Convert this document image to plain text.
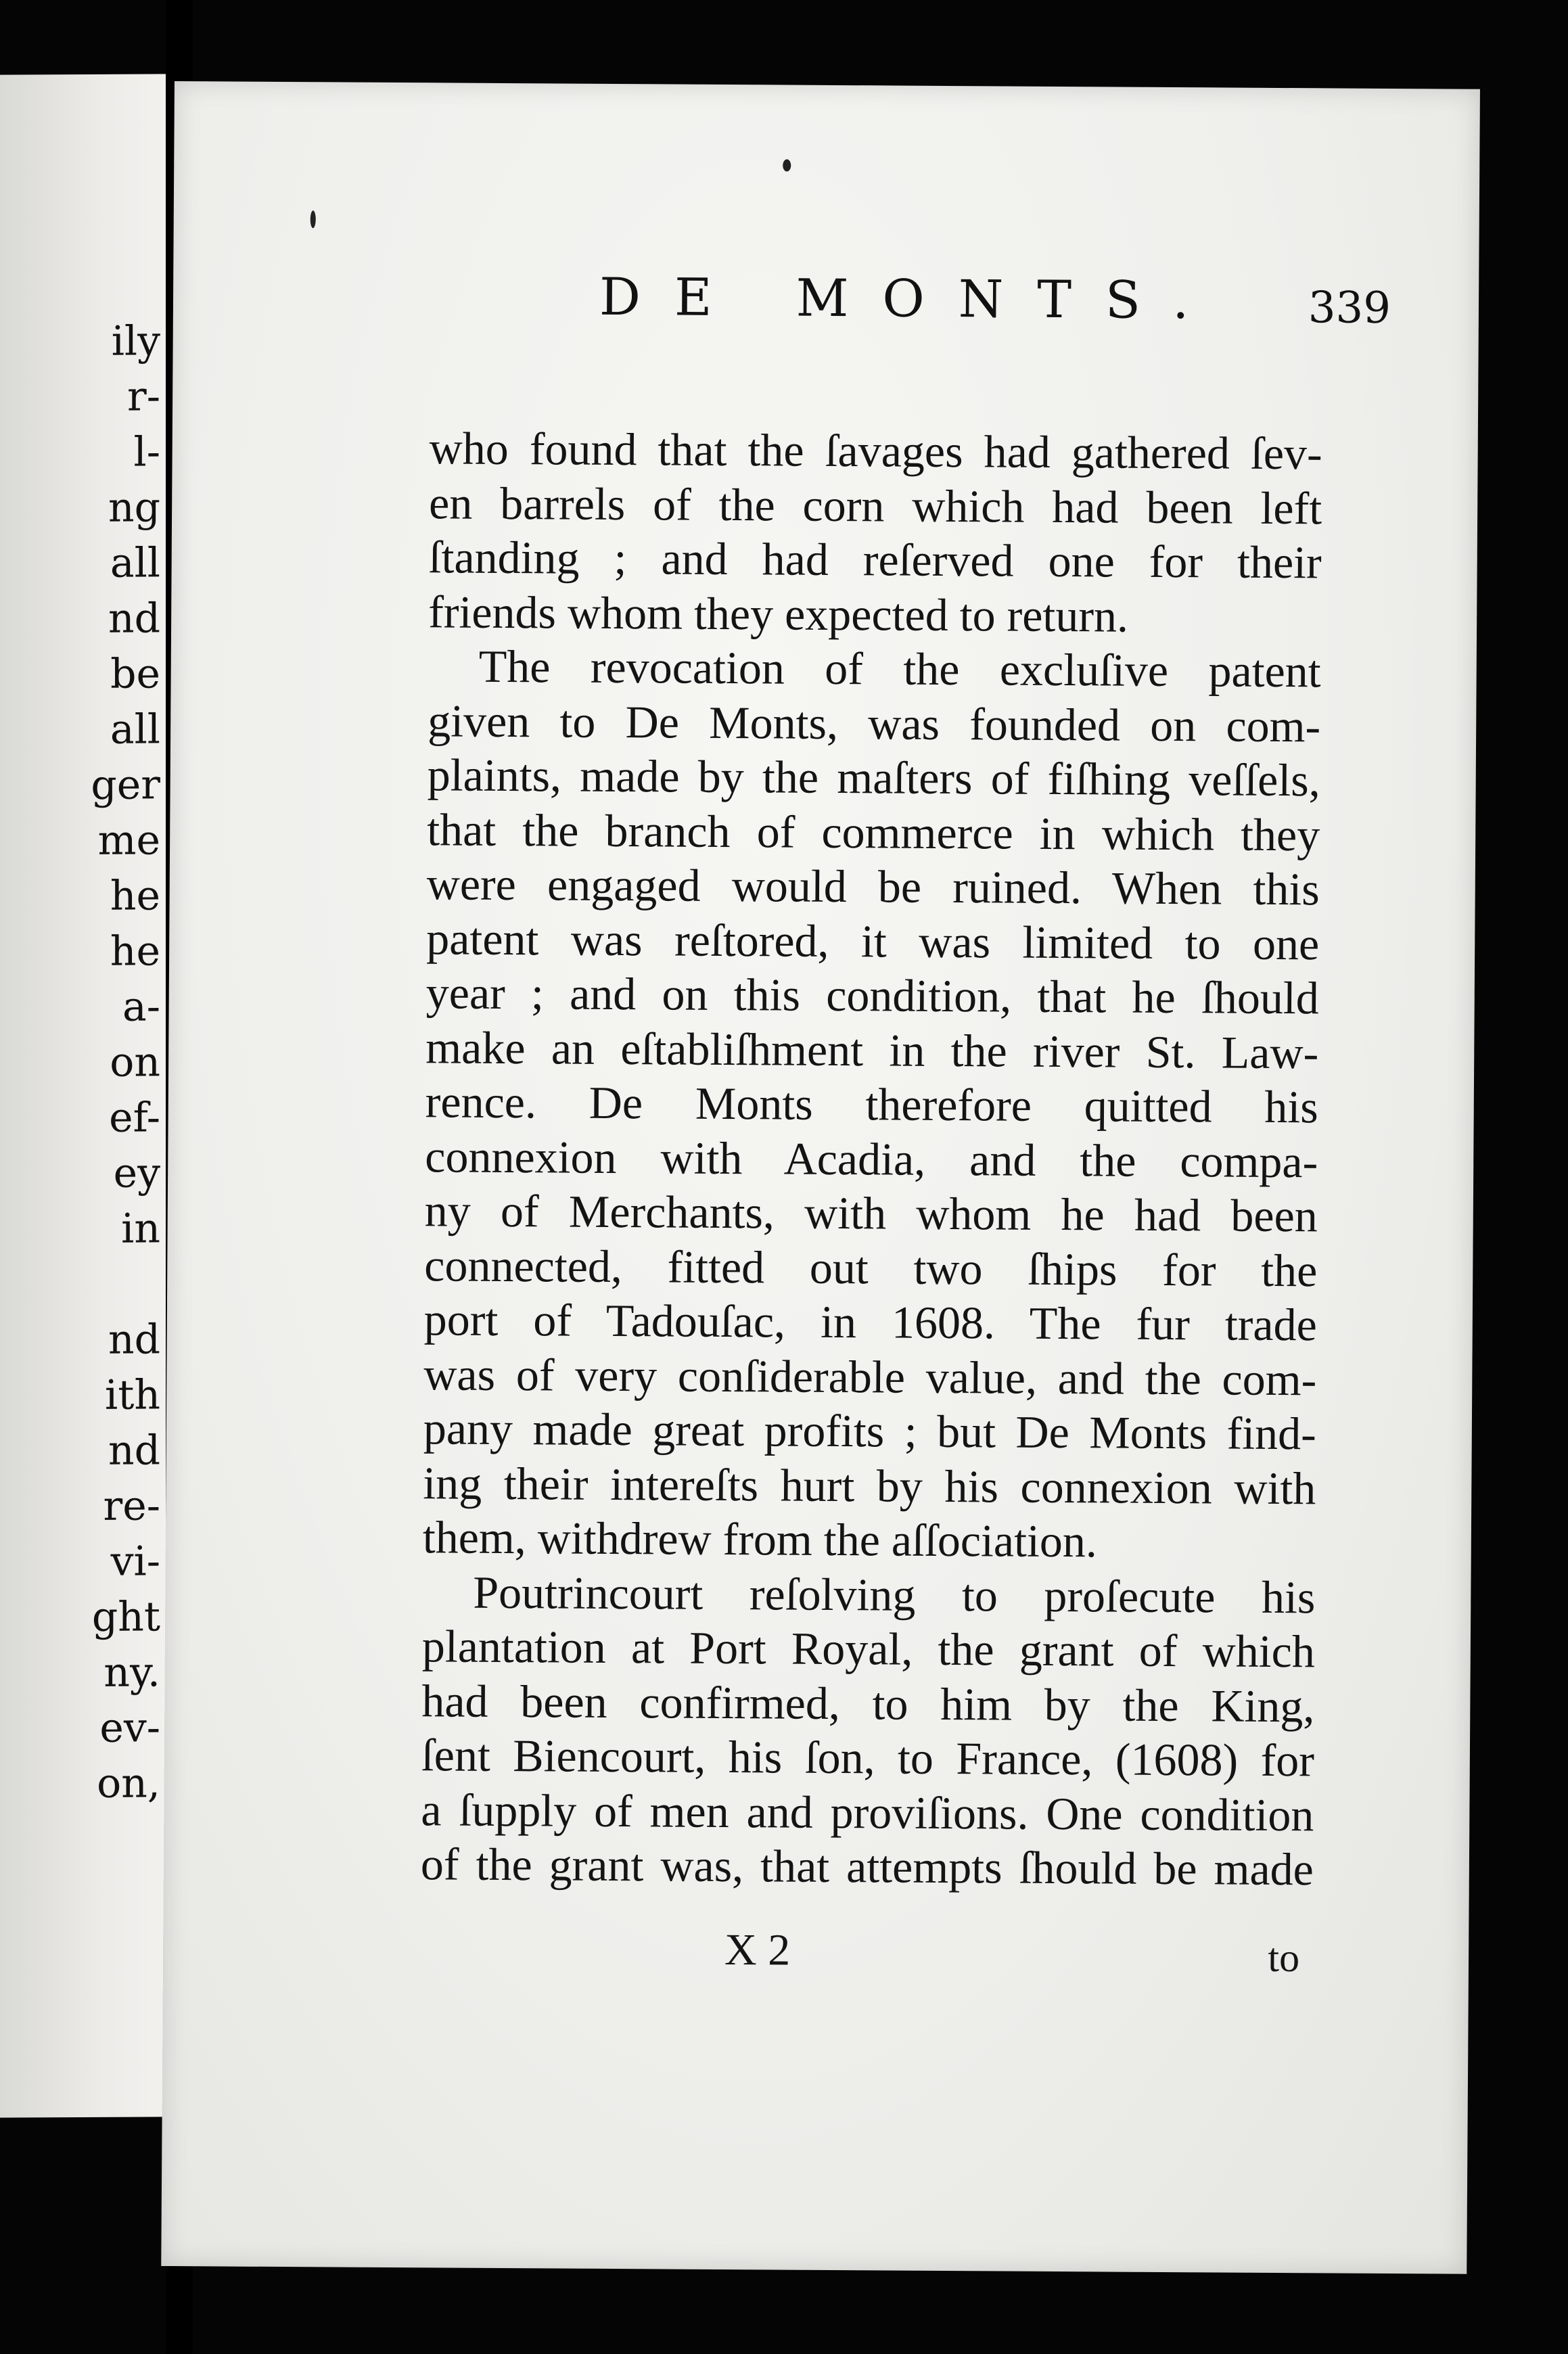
ily
r-
l-
ng
all
nd
be
all
ger
me
he
he
a-
on
ef-
ey
in
nd
ith
nd
re-
vi-
ght
ny.
ev-
on,
DE MONTS. 339
who found that the ſavages had gathered ſev-
en barrels of the corn which had been left
ſtanding ; and had reſerved one for their
friends whom they expected to return.
The revocation of the excluſive patent
given to De Monts, was founded on com-
plaints, made by the maſters of fiſhing veſſels,
that the branch of commerce in which they
were engaged would be ruined. When this
patent was reſtored, it was limited to one
year ; and on this condition, that he ſhould
make an eſtabliſhment in the river St. Law-
rence. De Monts therefore quitted his
connexion with Acadia, and the compa-
ny of Merchants, with whom he had been
connected, fitted out two ſhips for the
port of Tadouſac, in 1608. The fur trade
was of very conſiderable value, and the com-
pany made great profits ; but De Monts find-
ing their intereſts hurt by his connexion with
them, withdrew from the aſſociation.
Poutrincourt reſolving to proſecute his
plantation at Port Royal, the grant of which
had been confirmed, to him by the King,
ſent Biencourt, his ſon, to France, (1608) for
a ſupply of men and proviſions. One condition
of the grant was, that attempts ſhould be made
X 2	to
